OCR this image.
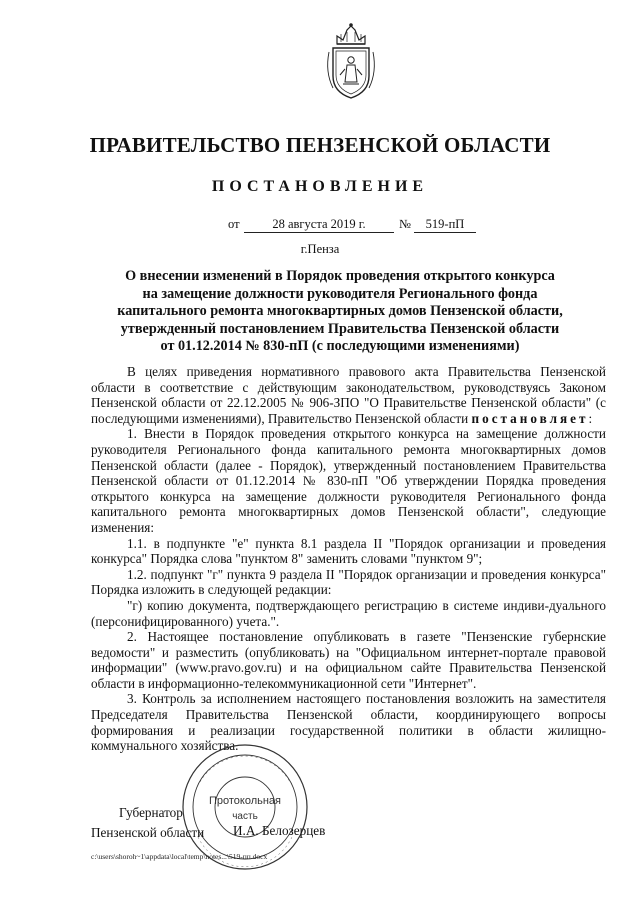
ПРАВИТЕЛЬСТВО ПЕНЗЕНСКОЙ ОБЛАСТИ
ПОСТАНОВЛЕНИЕ
от	28 августа 2019 г.	№	519-пП
г.Пенза
О внесении изменений в Порядок проведения открытого конкурса
на замещение должности руководителя Регионального фонда
капитального ремонта многоквартирных домов Пензенской области,
утвержденный постановлением Правительства Пензенской области
от 01.12.2014 № 830-пП (с последующими изменениями)

В целях приведения нормативного правового акта Правительства Пензенской области в соответствие с действующим законодательством, руководствуясь Законом Пензенской области от 22.12.2005 № 906-ЗПО "О Правительстве Пензенской области" (с последующими изменениями), Правительство Пензенской области постановляет:

1. Внести в Порядок проведения открытого конкурса на замещение должности руководителя Регионального фонда капитального ремонта многоквартирных домов Пензенской области (далее - Порядок), утвержденный постановлением Правительства Пензенской области от 01.12.2014 № 830-пП "Об утверждении Порядка проведения открытого конкурса на замещение должности руководителя Регионального фонда капитального ремонта многоквартирных домов Пензенской области", следующие изменения:

1.1. в подпункте "е" пункта 8.1 раздела II "Порядок организации и проведения конкурса" Порядка слова "пунктом 8" заменить словами "пунктом 9";

1.2. подпункт "г" пункта 9 раздела II "Порядок организации и проведения конкурса" Порядка изложить в следующей редакции:

"г) копию документа, подтверждающего регистрацию в системе индиви-дуального (персонифицированного) учета.".

2. Настоящее постановление опубликовать в газете "Пензенские губернские ведомости" и разместить (опубликовать) на "Официальном интернет-портале правовой информации" (www.pravo.gov.ru) и на официальном сайте Правительства Пензенской области в информационно-телекоммуникационной сети "Интернет".

3. Контроль за исполнением настоящего постановления возложить на заместителя Председателя Правительства Пензенской области, координирующего вопросы формирования и реализации государственной политики в области жилищно-коммунального хозяйства.

Протокольная
часть
Губернатор
Пензенской области И.А. Белозерцев
c:\users\shoroh~1\appdata\local\temp\notes...\519-пп.docx
